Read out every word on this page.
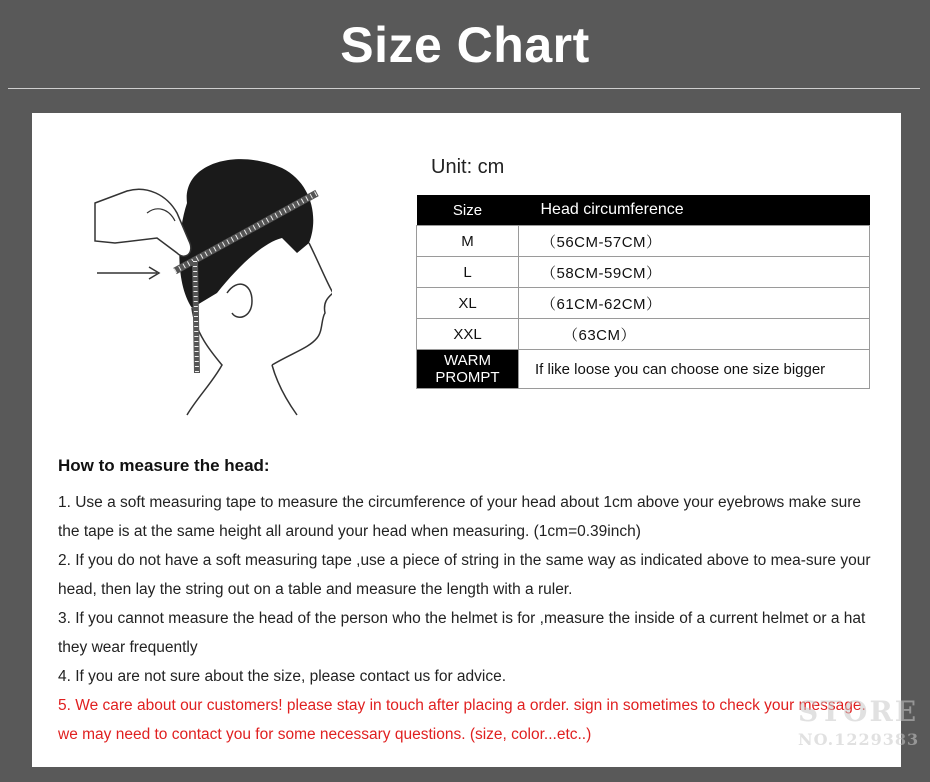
Size Chart
Unit: cm
Size	Head circumference
M	（56CM-57CM）
L	（58CM-59CM）
XL	（61CM-62CM）
XXL	（63CM）
WARM PROMPT	If like loose you can choose one size bigger
How to measure the head:

1. Use a soft measuring tape to measure the circumference of your head about 1cm above your eyebrows make sure the tape is at the same height all around your head when measuring. (1cm=0.39inch)

2. If you do not have a soft measuring tape ,use a piece of string in the same way as indicated above to mea-sure your head, then lay the string out on a table and measure the length with a ruler.

3. If you cannot measure the head of the person who the helmet is for ,measure the inside of a current helmet or a hat they wear frequently

4. If you are not sure about the size, please contact us for advice.

5. We care about our customers! please stay in touch after placing a order. sign in sometimes to check your message. we may need to contact you for some necessary questions. (size, color...etc..)

STORE
NO.1229383
